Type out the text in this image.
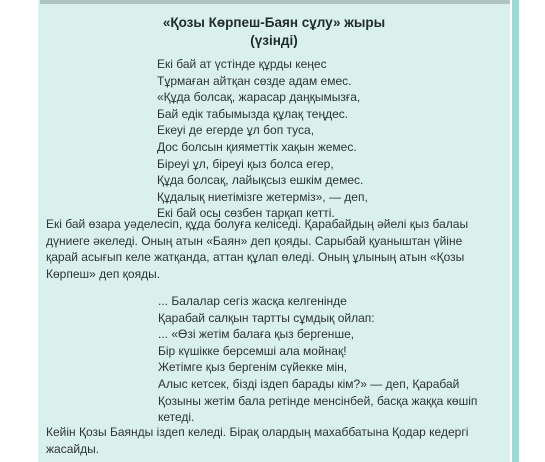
«Қозы Көрпеш-Баян сұлу» жыры
(үзінді)
Екі бай ат үстінде құрды кеңес
Тұрмаған айтқан сөзде адам емес.
«Құда болсақ, жарасар даңқымызға,
Бай едік табымызда құлақ теңдес.
Екеуі де егерде ұл боп туса,
Дос болсын қияметтік хақын жемес.
Біреуі ұл, біреуі қыз болса егер,
Құда болсақ, лайықсыз ешкім демес.
Құдалық ниетімізге жетерміз», — деп,
Екі бай осы сөзбен тарқап кетті.
Екі бай өзара уәделесіп, құда болуға келіседі. Қарабайдың әйелі қыз балаы
дүниеге әкеледі. Оның атын «Баян» деп қояды. Сарыбай қуаныштан үйіне
қарай асығып келе жатқанда, аттан құлап өледі. Оның ұлының атын «Қозы
Көрпеш» деп қояды.
... Балалар сегіз жасқа келгенінде
Қарабай салқын тартты сұмдық ойлап:
... «Өзі жетім балаға қыз бергенше,
Бір күшікке берсемші ала мойнақ!
Жетімге қыз бергенім сүйекке мін,
Алыс кетсек, бізді іздеп барады кім?» — деп, Қарабай
Қозыны жетім бала ретінде менсінбей, басқа жаққа көшіп
кетеді.
Кейін Қозы Баянды іздеп келеді. Бірақ олардың махаббатына Қодар кедергі
жасайды.
